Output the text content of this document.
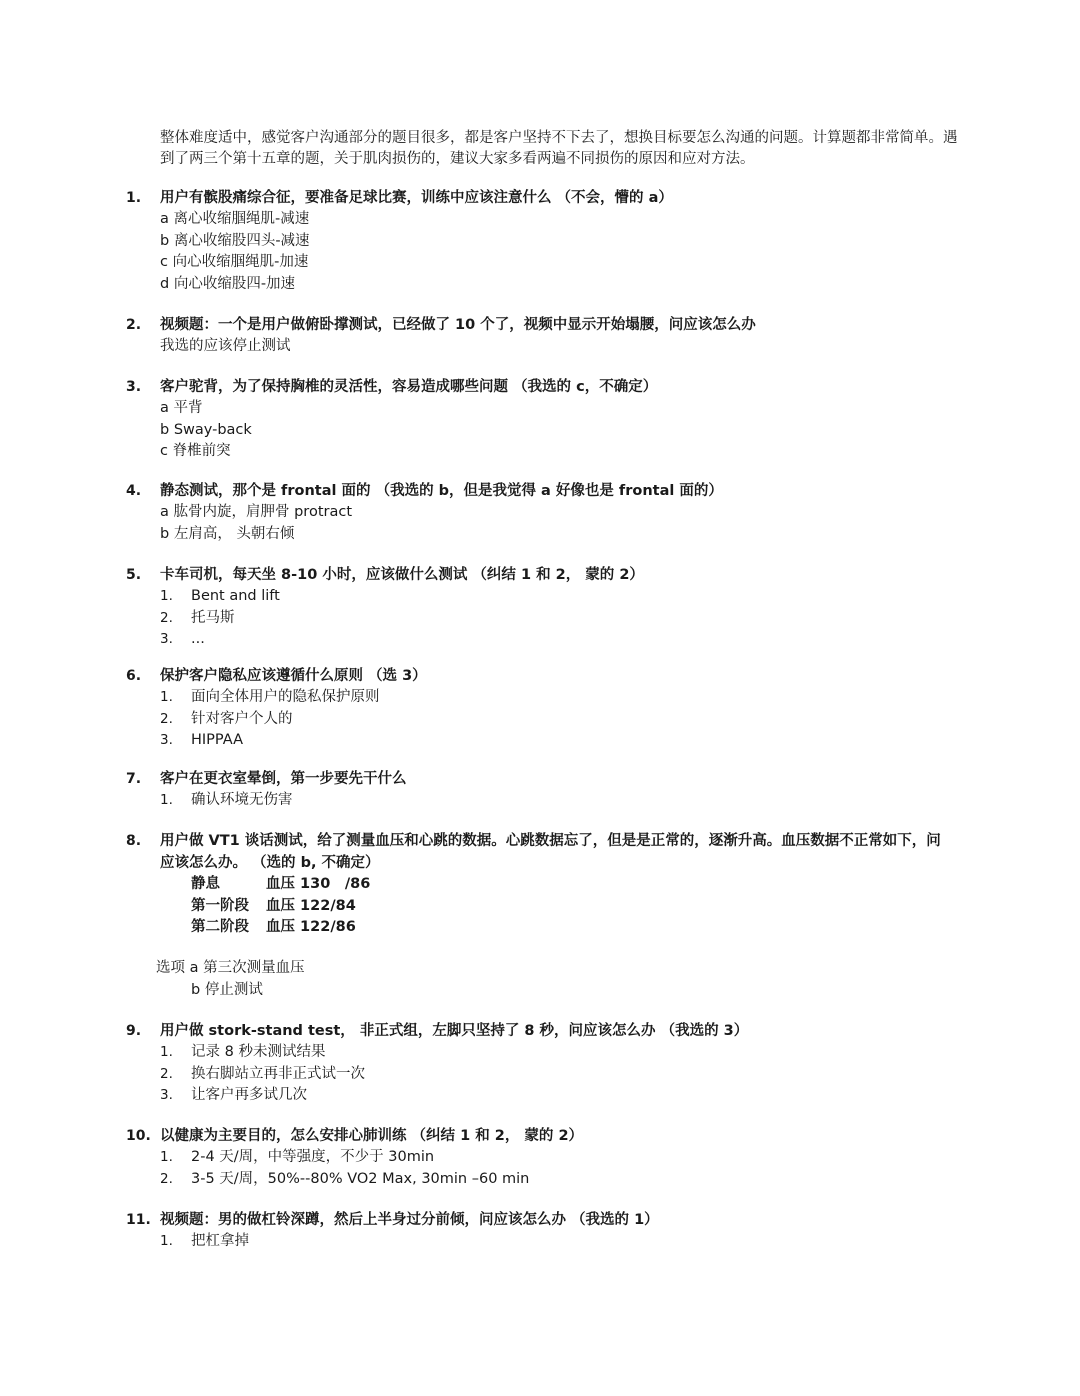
整体难度适中，感觉客户沟通部分的题目很多，都是客户坚持不下去了，想换目标要怎么沟通的问题。计算题都非常简单。遇到了两三个第十五章的题，关于肌肉损伤的，建议大家多看两遍不同损伤的原因和应对方法。
1. 用户有髌股痛综合征，要准备足球比赛，训练中应该注意什么 （不会，懵的 a）
a 离心收缩腘绳肌-减速
b 离心收缩股四头-减速
c 向心收缩腘绳肌-加速
d 向心收缩股四-加速
2. 视频题：一个是用户做俯卧撑测试，已经做了 10 个了，视频中显示开始塌腰，问应该怎么办
我选的应该停止测试
3. 客户驼背，为了保持胸椎的灵活性，容易造成哪些问题 （我选的 c，不确定）
a 平背
b Sway-back
c 脊椎前突
4. 静态测试，那个是 frontal 面的 （我选的 b，但是我觉得 a 好像也是 frontal 面的）
a 肱骨内旋，肩胛骨 protract
b 左肩高， 头朝右倾
5. 卡车司机，每天坐 8-10 小时，应该做什么测试 （纠结 1 和 2， 蒙的 2）
1. Bent and lift
2. 托马斯
3. ...
6. 保护客户隐私应该遵循什么原则 （选 3）
1. 面向全体用户的隐私保护原则
2. 针对客户个人的
3. HIPPAA
7. 客户在更衣室晕倒，第一步要先干什么
1. 确认环境无伤害
8. 用户做 VT1 谈话测试，给了测量血压和心跳的数据。心跳数据忘了，但是是正常的，逐渐升高。血压数据不正常如下，问应该怎么办。 （选的 b, 不确定）
静息	血压 130　/86
第一阶段 血压 122/84
第二阶段 血压 122/86
选项 a 第三次测量血压
b 停止测试
9. 用户做 stork-stand test， 非正式组，左脚只坚持了 8 秒，问应该怎么办 （我选的 3）
1. 记录 8 秒未测试结果
2. 换右脚站立再非正式试一次
3. 让客户再多试几次
10. 以健康为主要目的，怎么安排心肺训练 （纠结 1 和 2， 蒙的 2）
1. 2-4 天/周，中等强度，不少于 30min
2. 3-5 天/周，50%--80% VO2 Max, 30min –60 min
11. 视频题：男的做杠铃深蹲，然后上半身过分前倾，问应该怎么办 （我选的 1）
1. 把杠拿掉
